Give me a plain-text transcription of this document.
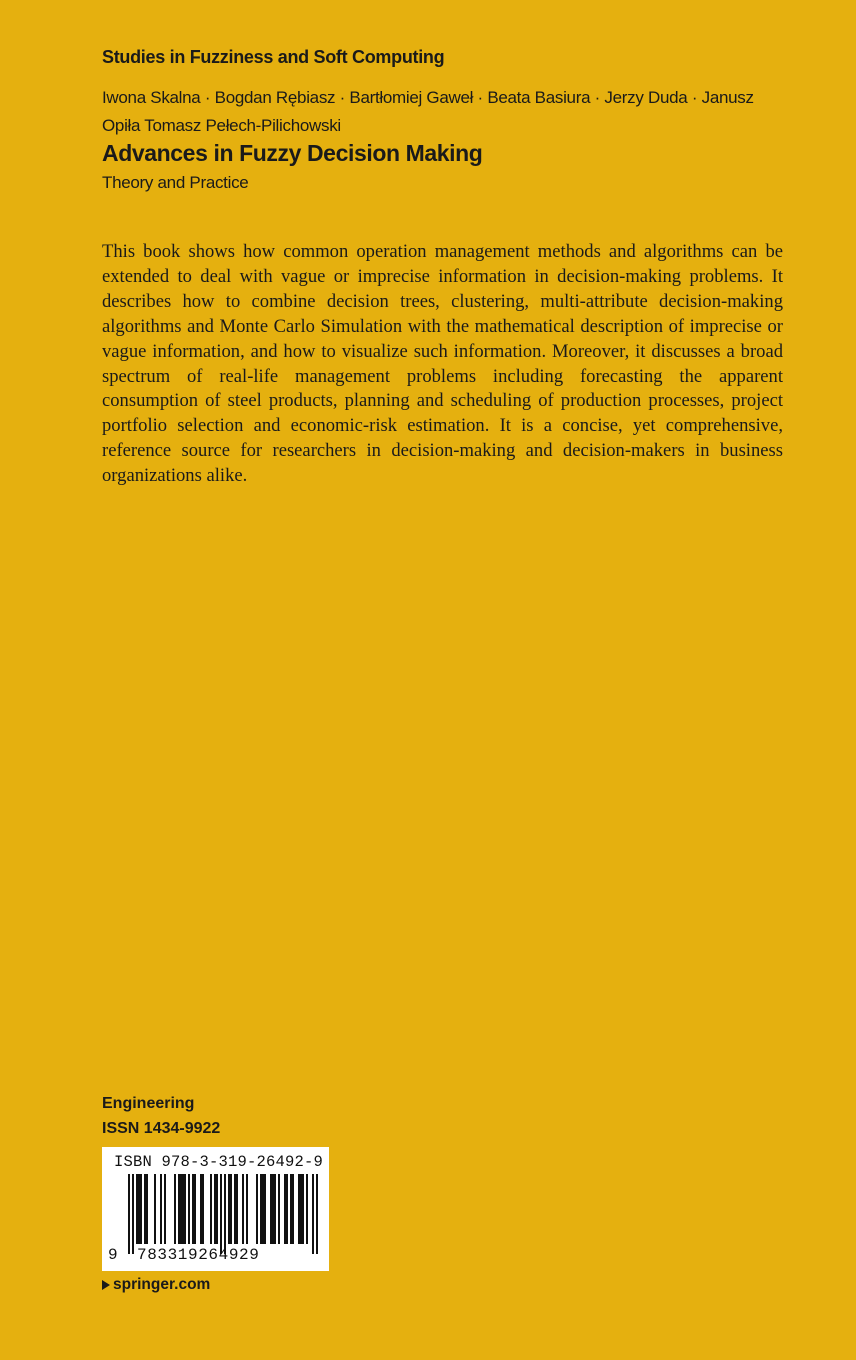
Studies in Fuzziness and Soft Computing
Iwona Skalna · Bogdan Rębiasz · Bartłomiej Gaweł · Beata Basiura · Jerzy Duda · Janusz Opiła Tomasz Pełech-Pilichowski
Advances in Fuzzy Decision Making
Theory and Practice

This book shows how common operation management methods and algorithms can be extended to deal with vague or imprecise information in decision-making problems. It describes how to combine decision trees, clustering, multi-attribute decision-making algorithms and Monte Carlo Simulation with the mathematical description of imprecise or vague information, and how to visualize such information. Moreover, it discusses a broad spectrum of real-life management problems including forecasting the apparent consumption of steel products, planning and scheduling of production processes, project portfolio selection and economic-risk estimation. It is a concise, yet comprehensive, reference source for researchers in decision-making and decision-makers in business organizations alike.

Engineering
ISSN 1434-9922
ISBN 978-3-319-26492-9
9 783319264929
springer.com
